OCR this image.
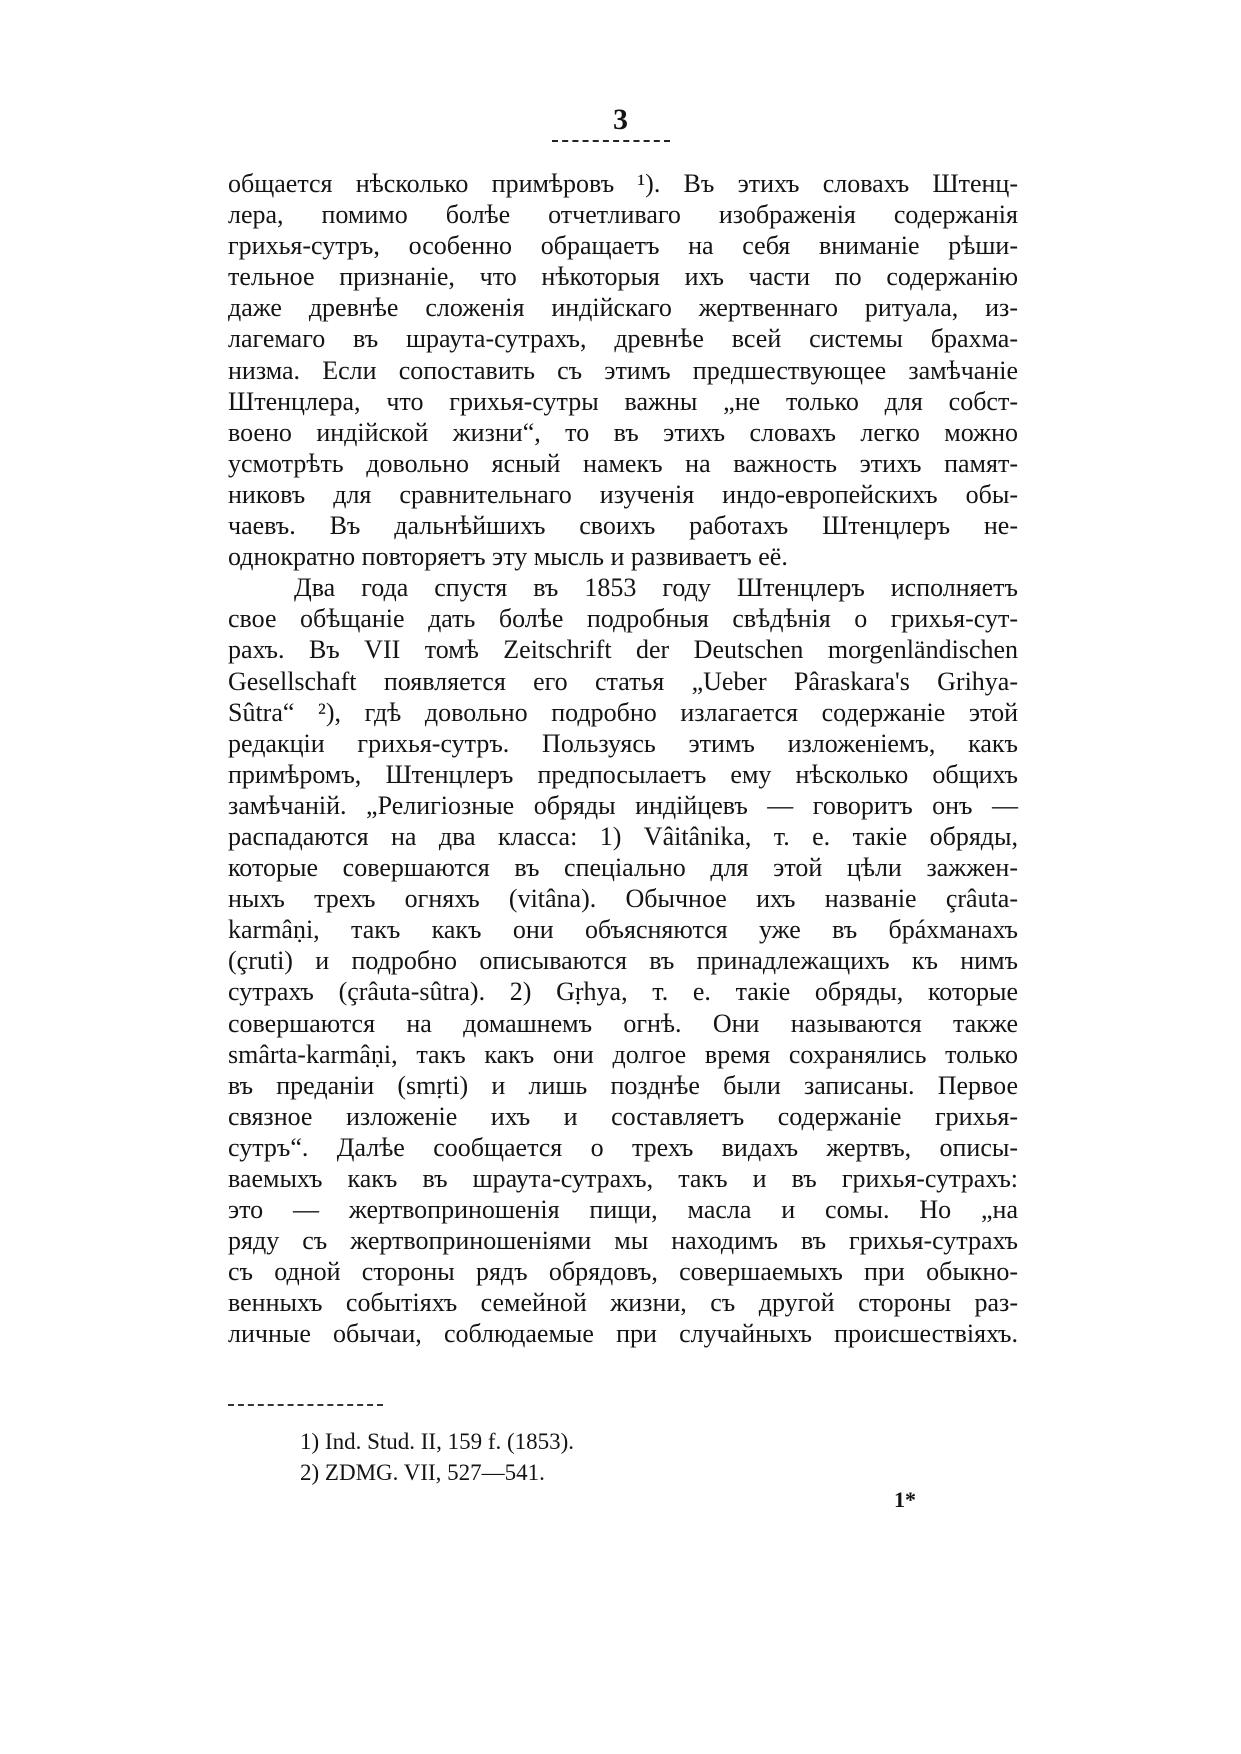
3
общается нѣсколько примѣровъ ¹). Въ этихъ словахъ Штенц-
лера, помимо болѣе отчетливаго изображенія содержанія
грихья-сутръ, особенно обращаетъ на себя вниманіе рѣши-
тельное признаніе, что нѣкоторыя ихъ части по содержанію
даже древнѣе сложенія индійскаго жертвеннаго ритуала, из-
лагемаго въ шраута-сутрахъ, древнѣе всей системы брахма-
низма. Если сопоставить съ этимъ предшествующее замѣчаніе
Штенцлера, что грихья-сутры важны „не только для собст-
воено индійской жизни“, то въ этихъ словахъ легко можно
усмотрѣть довольно ясный намекъ на важность этихъ памят-
никовъ для сравнительнаго изученія индо-европейскихъ обы-
чаевъ. Въ дальнѣйшихъ своихъ работахъ Штенцлеръ не-
однократно повторяетъ эту мысль и развиваетъ её.
Два года спустя въ 1853 году Штенцлеръ исполняетъ
свое обѣщаніе дать болѣе подробныя свѣдѣнія о грихья-сут-
рахъ. Въ VII томѣ Zeitschrift der Deutschen morgenländischen
Gesellschaft появляется его статья „Ueber Pâraskara's Grihya-
Sûtra“ ²), гдѣ довольно подробно излагается содержаніе этой
редакціи грихья-сутръ. Пользуясь этимъ изложеніемъ, какъ
примѣромъ, Штенцлеръ предпосылаетъ ему нѣсколько общихъ
замѣчаній. „Религіозные обряды индійцевъ — говоритъ онъ —
распадаются на два класса: 1) Vâitânika, т. е. такіе обряды,
которые совершаются въ спеціально для этой цѣли зажжен-
ныхъ трехъ огняхъ (vitâna). Обычное ихъ названіе çrâuta-
karmâṇi, такъ какъ они объясняются уже въ брáхманахъ
(çruti) и подробно описываются въ принадлежащихъ къ нимъ
сутрахъ (çrâuta-sûtra). 2) Gṛhya, т. е. такіе обряды, которые
совершаются на домашнемъ огнѣ. Они называются также
smârta-karmâṇi, такъ какъ они долгое время сохранялись только
въ преданіи (smṛti) и лишь позднѣе были записаны. Первое
связное изложеніе ихъ и составляетъ содержаніе грихья-
сутръ“. Далѣе сообщается о трехъ видахъ жертвъ, описы-
ваемыхъ какъ въ шраута-сутрахъ, такъ и въ грихья-сутрахъ:
это — жертвоприношенія пищи, масла и сомы. Но „на
ряду съ жертвоприношеніями мы находимъ въ грихья-сутрахъ
съ одной стороны рядъ обрядовъ, совершаемыхъ при обыкно-
венныхъ событіяхъ семейной жизни, съ другой стороны раз-
личные обычаи, соблюдаемые при случайныхъ происшествіяхъ.
1) Ind. Stud. II, 159 f. (1853).
2) ZDMG. VII, 527—541.
1*
